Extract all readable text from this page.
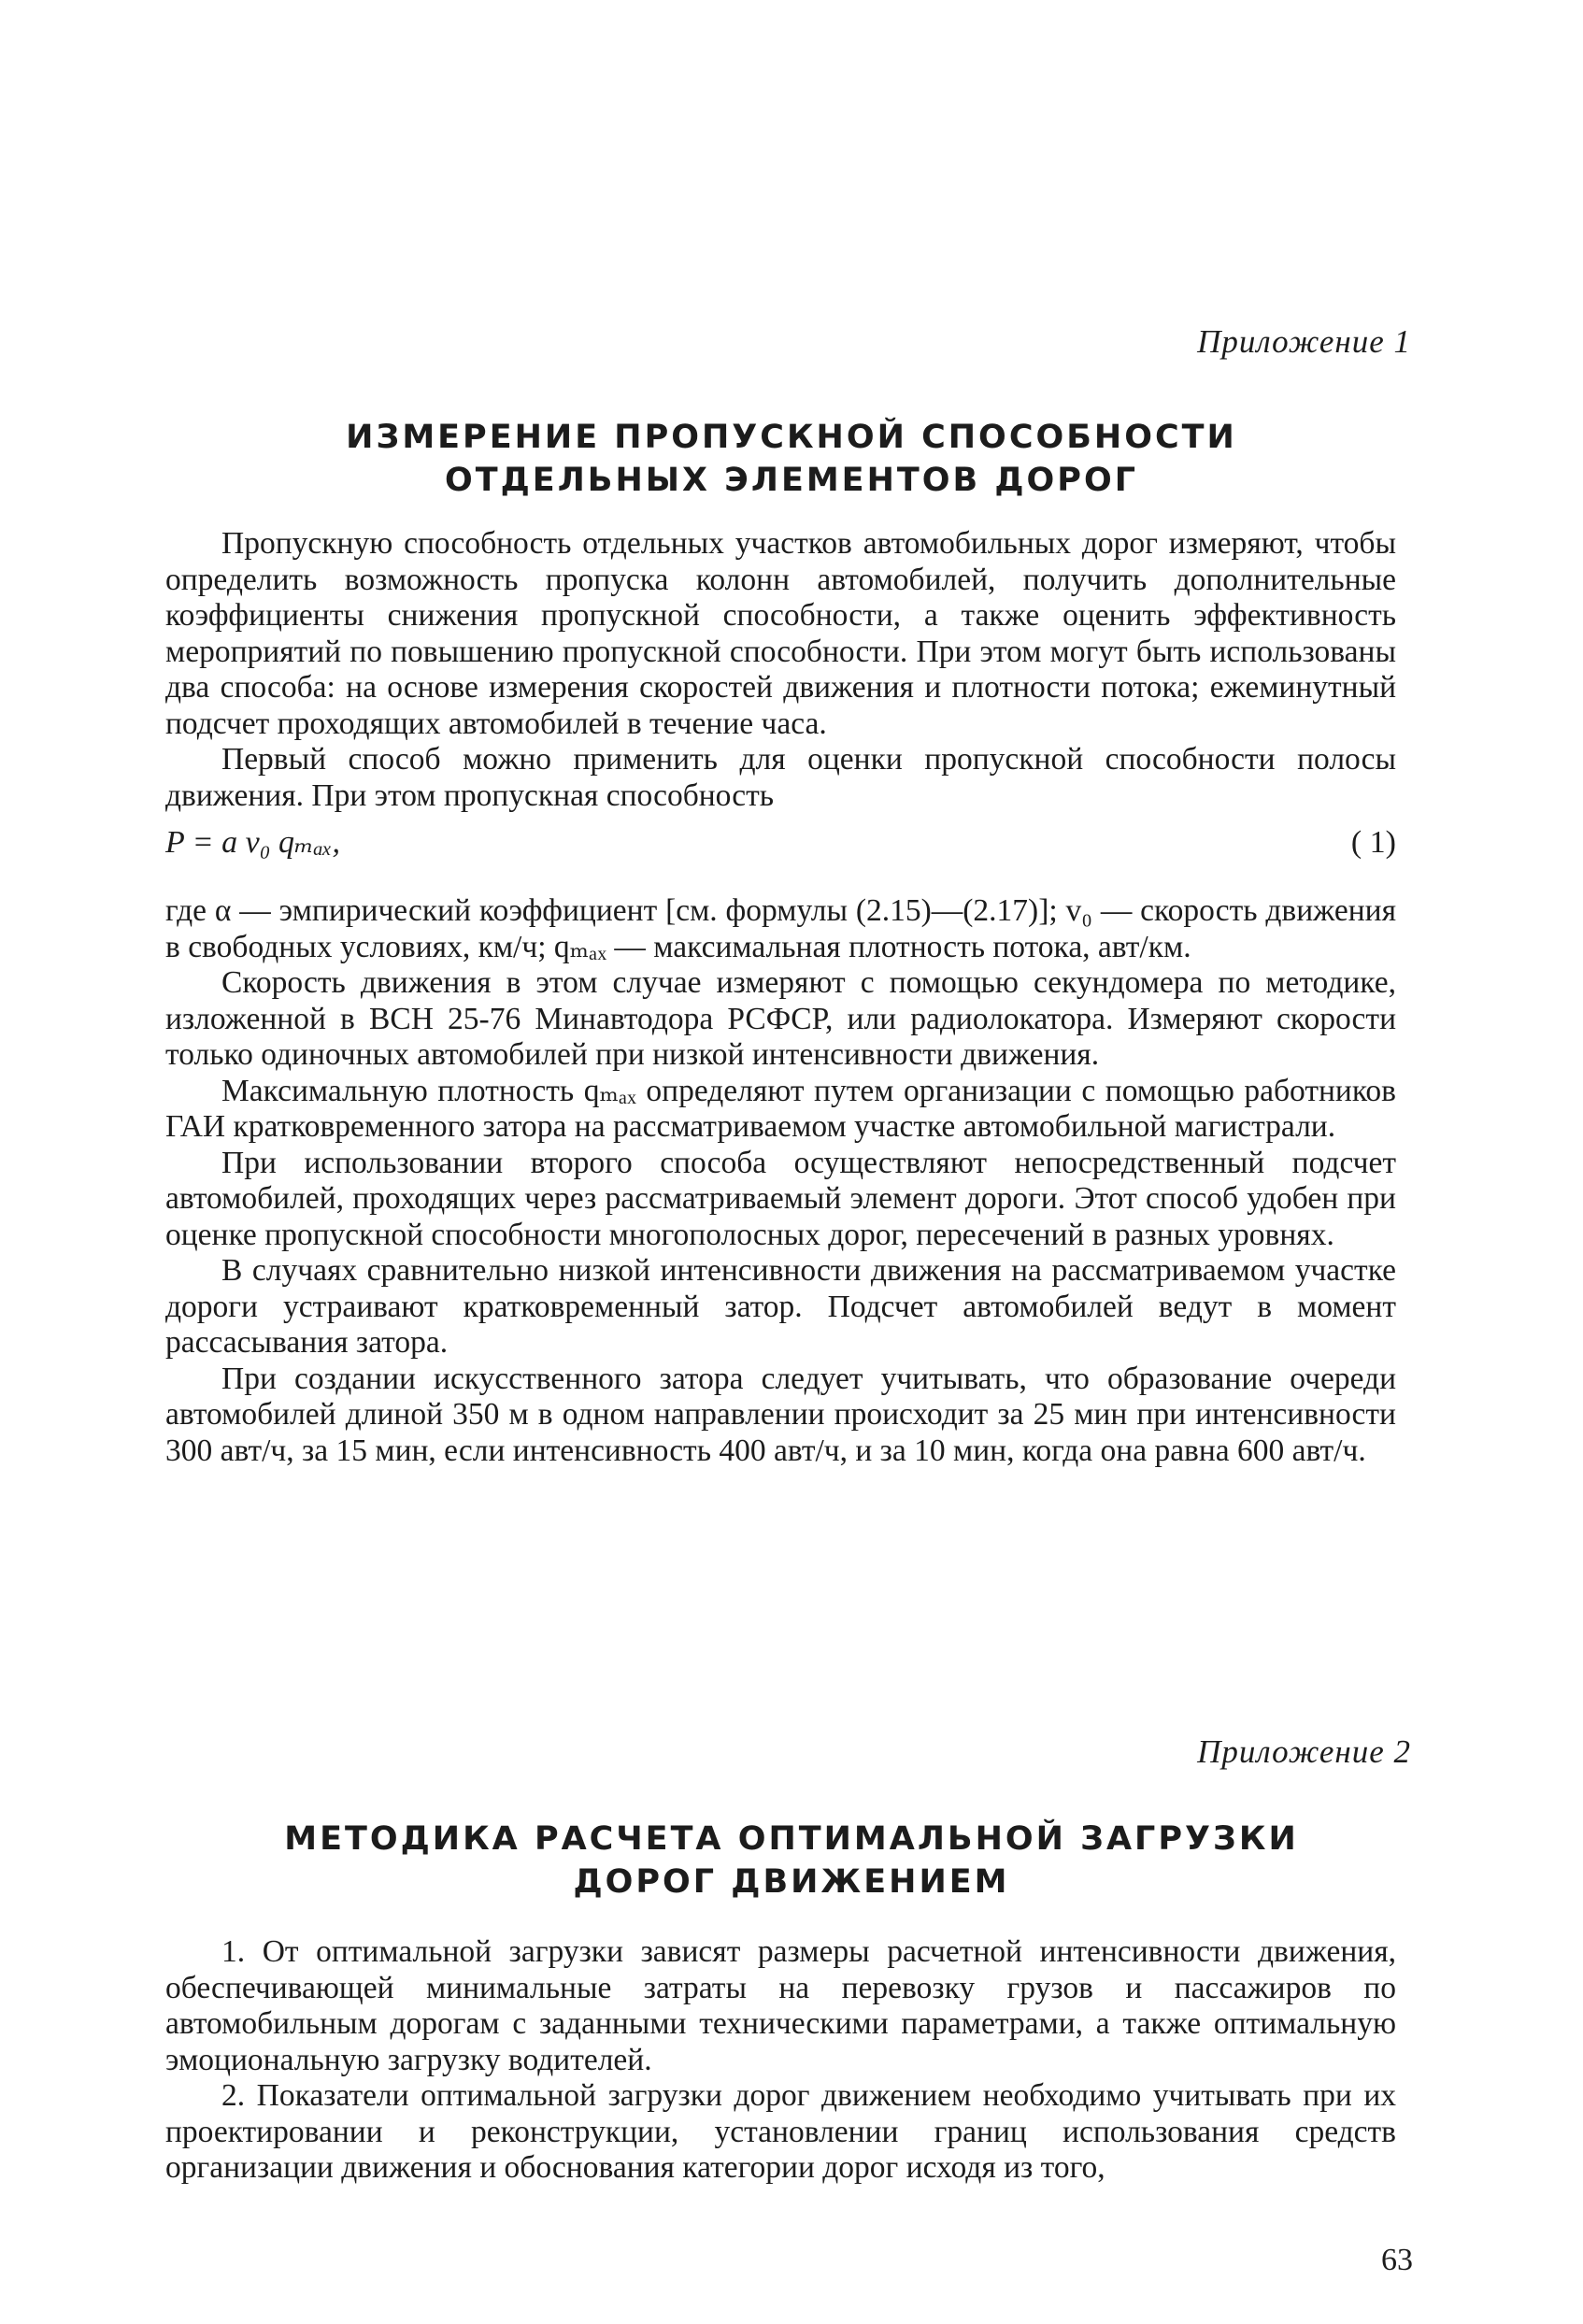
Приложение 1
ИЗМЕРЕНИЕ ПРОПУСКНОЙ СПОСОБНОСТИ
ОТДЕЛЬНЫХ ЭЛЕМЕНТОВ ДОРОГ

Пропускную способность отдельных участков автомобильных дорог измеряют, чтобы определить возможность пропуска колонн автомобилей, получить дополнительные коэффициенты снижения пропускной способности, а также оценить эффективность мероприятий по повышению пропускной способности. При этом могут быть использованы два способа: на основе измерения скоростей движения и плотности потока; ежеминутный подсчет проходящих автомобилей в течение часа.

Первый способ можно применить для оценки пропускной способности полосы движения. При этом пропускная способность

P = a v₀ qₘₐₓ,	( 1)

где α — эмпирический коэффициент [см. формулы (2.15)—(2.17)]; v₀ — скорость движения в свободных условиях, км/ч; qₘₐₓ — максимальная плотность потока, авт/км.

Скорость движения в этом случае измеряют с помощью секундомера по методике, изложенной в ВСН 25-76 Минавтодора РСФСР, или радиолокатора. Измеряют скорости только одиночных автомобилей при низкой интенсивности движения.

Максимальную плотность qₘₐₓ определяют путем организации с помощью работников ГАИ кратковременного затора на рассматриваемом участке автомобильной магистрали.

При использовании второго способа осуществляют непосредственный подсчет автомобилей, проходящих через рассматриваемый элемент дороги. Этот способ удобен при оценке пропускной способности многополосных дорог, пересечений в разных уровнях.

В случаях сравнительно низкой интенсивности движения на рассматриваемом участке дороги устраивают кратковременный затор. Подсчет автомобилей ведут в момент рассасывания затора.

При создании искусственного затора следует учитывать, что образование очереди автомобилей длиной 350 м в одном направлении происходит за 25 мин при интенсивности 300 авт/ч, за 15 мин, если интенсивность 400 авт/ч, и за 10 мин, когда она равна 600 авт/ч.

Приложение 2
МЕТОДИКА РАСЧЕТА ОПТИМАЛЬНОЙ ЗАГРУЗКИ
ДОРОГ ДВИЖЕНИЕМ

1. От оптимальной загрузки зависят размеры расчетной интенсивности движения, обеспечивающей минимальные затраты на перевозку грузов и пассажиров по автомобильным дорогам с заданными техническими параметрами, а также оптимальную эмоциональную загрузку водителей.

2. Показатели оптимальной загрузки дорог движением необходимо учитывать при их проектировании и реконструкции, установлении границ использования средств организации движения и обоснования категории дорог исходя из того,

63
